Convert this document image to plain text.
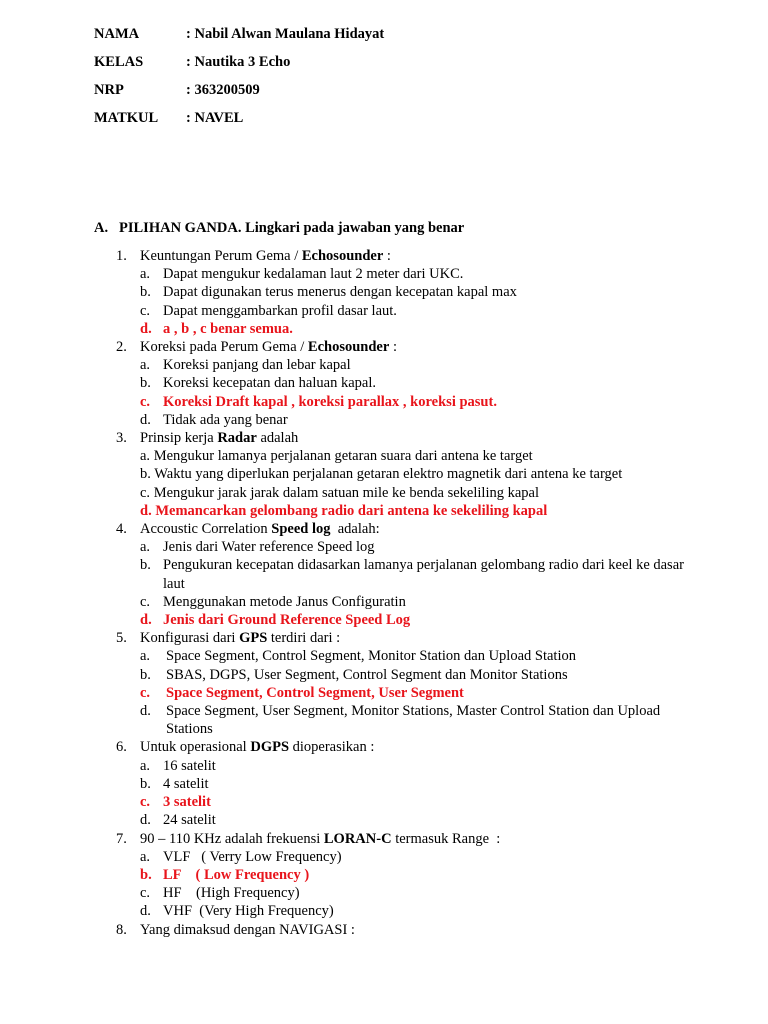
NAMA	: Nabil Alwan Maulana Hidayat
KELAS	: Nautika 3 Echo
NRP	: 363200509
MATKUL	: NAVEL
A. PILIHAN GANDA. Lingkari pada jawaban yang benar
1. Keuntungan Perum Gema / Echosounder :
a. Dapat mengukur kedalaman laut 2 meter dari UKC.
b. Dapat digunakan terus menerus dengan kecepatan kapal max
c. Dapat menggambarkan profil dasar laut.
d. a , b , c benar semua.
2. Koreksi pada Perum Gema / Echosounder :
a. Koreksi panjang dan lebar kapal
b. Koreksi kecepatan dan haluan kapal.
c. Koreksi Draft kapal , koreksi parallax , koreksi pasut.
d. Tidak ada yang benar
3. Prinsip kerja Radar adalah
a. Mengukur lamanya perjalanan getaran suara dari antena ke target
b. Waktu yang diperlukan perjalanan getaran elektro magnetik dari antena ke target
c. Mengukur jarak jarak dalam satuan mile ke benda sekeliling kapal
d. Memancarkan gelombang radio dari antena ke sekeliling kapal
4. Accoustic Correlation Speed log  adalah:
a. Jenis dari Water reference Speed log
b. Pengukuran kecepatan didasarkan lamanya perjalanan gelombang radio dari keel ke dasar laut
c. Menggunakan metode Janus Configuratin
d. Jenis dari Ground Reference Speed Log
5. Konfigurasi dari GPS terdiri dari :
a.	Space Segment, Control Segment, Monitor Station dan Upload Station
b.	SBAS, DGPS, User Segment, Control Segment dan Monitor Stations
c.	Space Segment, Control Segment, User Segment
d.	Space Segment, User Segment, Monitor Stations, Master Control Station dan Upload Stations
6. Untuk operasional DGPS dioperasikan :
a. 16 satelit
b. 4 satelit
c. 3 satelit
d. 24 satelit
7. 90 – 110 KHz adalah frekuensi LORAN-C termasuk Range  :
a. VLF   ( Verry Low Frequency)
b. LF    ( Low Frequency )
c. HF    (High Frequency)
d. VHF  (Very High Frequency)
8. Yang dimaksud dengan NAVIGASI :
